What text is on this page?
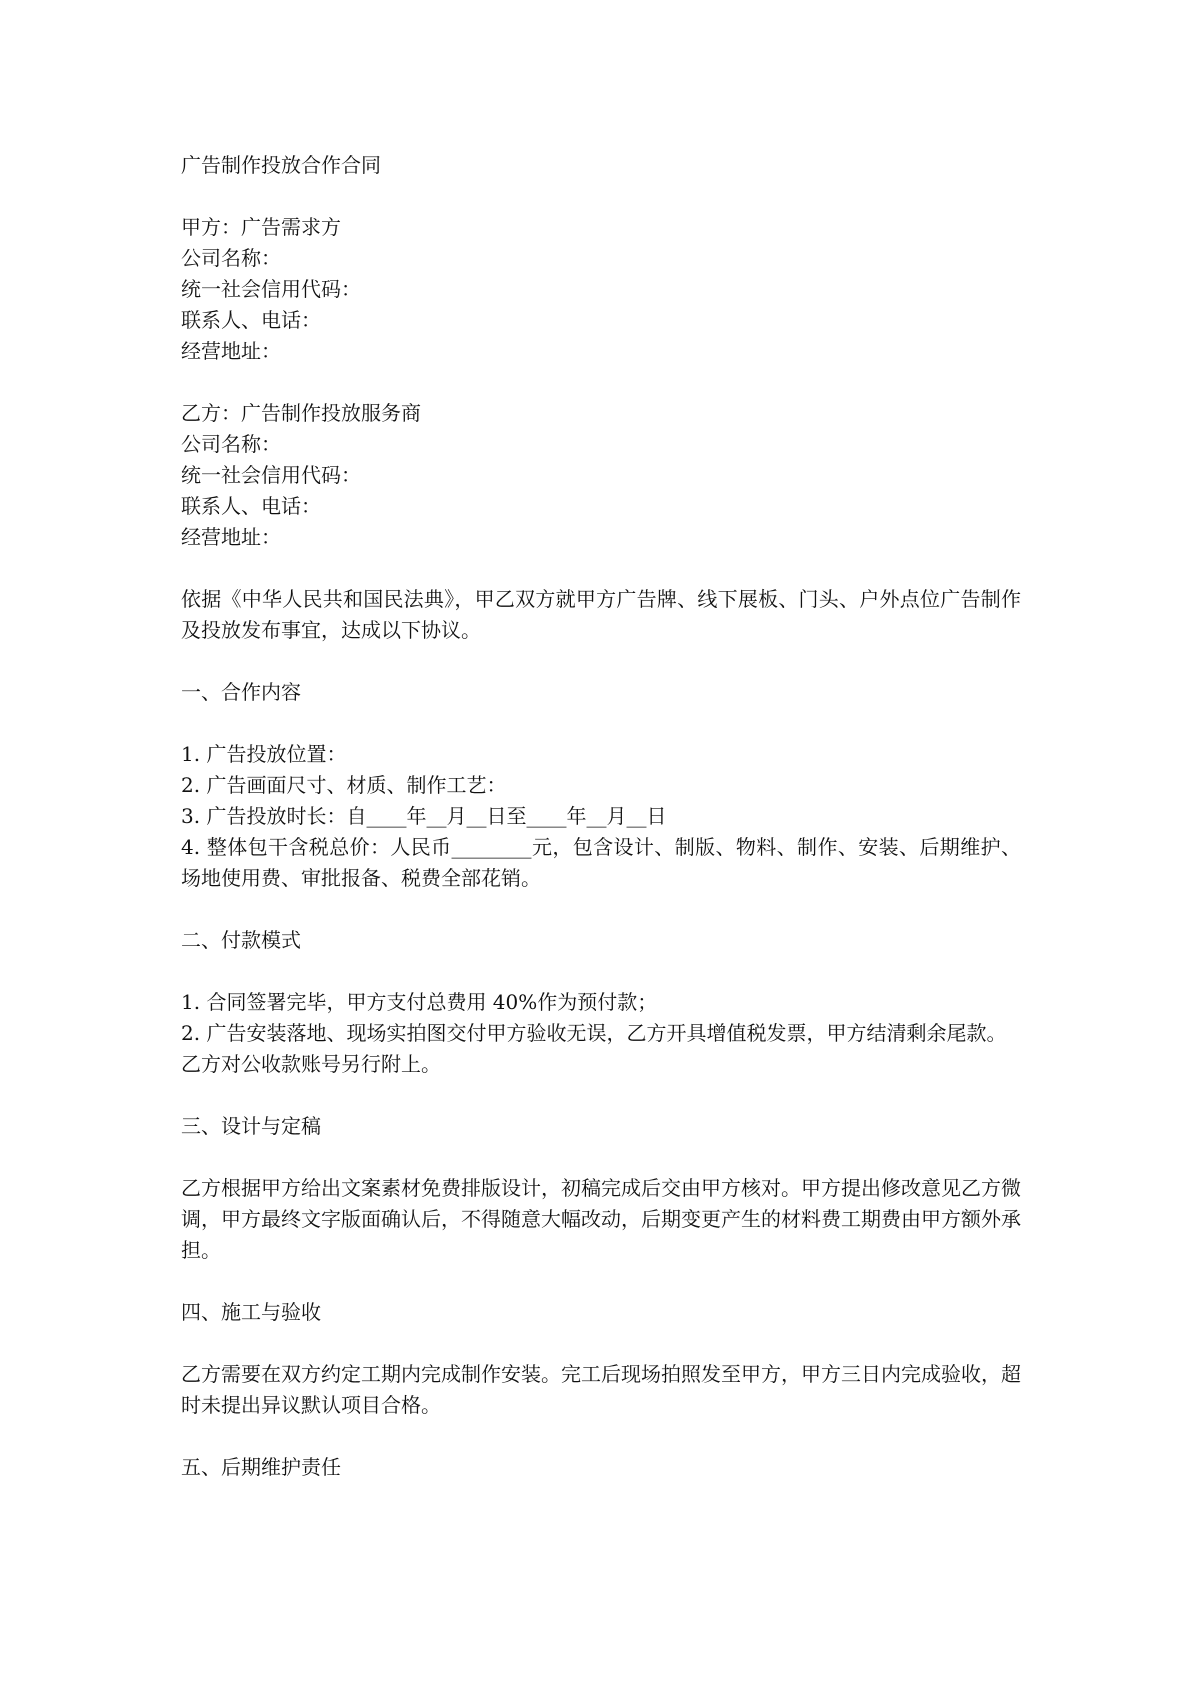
广告制作投放合作合同
甲方：广告需求方
公司名称：
统一社会信用代码：
联系人、电话：
经营地址：
乙方：广告制作投放服务商
公司名称：
统一社会信用代码：
联系人、电话：
经营地址：
依据《中华人民共和国民法典》，甲乙双方就甲方广告牌、线下展板、门头、户外点位广告制作及投放发布事宜，达成以下协议。
一、合作内容
1. 广告投放位置：
2. 广告画面尺寸、材质、制作工艺：
3. 广告投放时长：自____年__月__日至____年__月__日
4. 整体包干含税总价：人民币________元，包含设计、制版、物料、制作、安装、后期维护、场地使用费、审批报备、税费全部花销。
二、付款模式
1. 合同签署完毕，甲方支付总费用 40%作为预付款；
2. 广告安装落地、现场实拍图交付甲方验收无误，乙方开具增值税发票，甲方结清剩余尾款。
乙方对公收款账号另行附上。
三、设计与定稿
乙方根据甲方给出文案素材免费排版设计，初稿完成后交由甲方核对。甲方提出修改意见乙方微调，甲方最终文字版面确认后，不得随意大幅改动，后期变更产生的材料费工期费由甲方额外承担。
四、施工与验收
乙方需要在双方约定工期内完成制作安装。完工后现场拍照发至甲方，甲方三日内完成验收，超时未提出异议默认项目合格。
五、后期维护责任
